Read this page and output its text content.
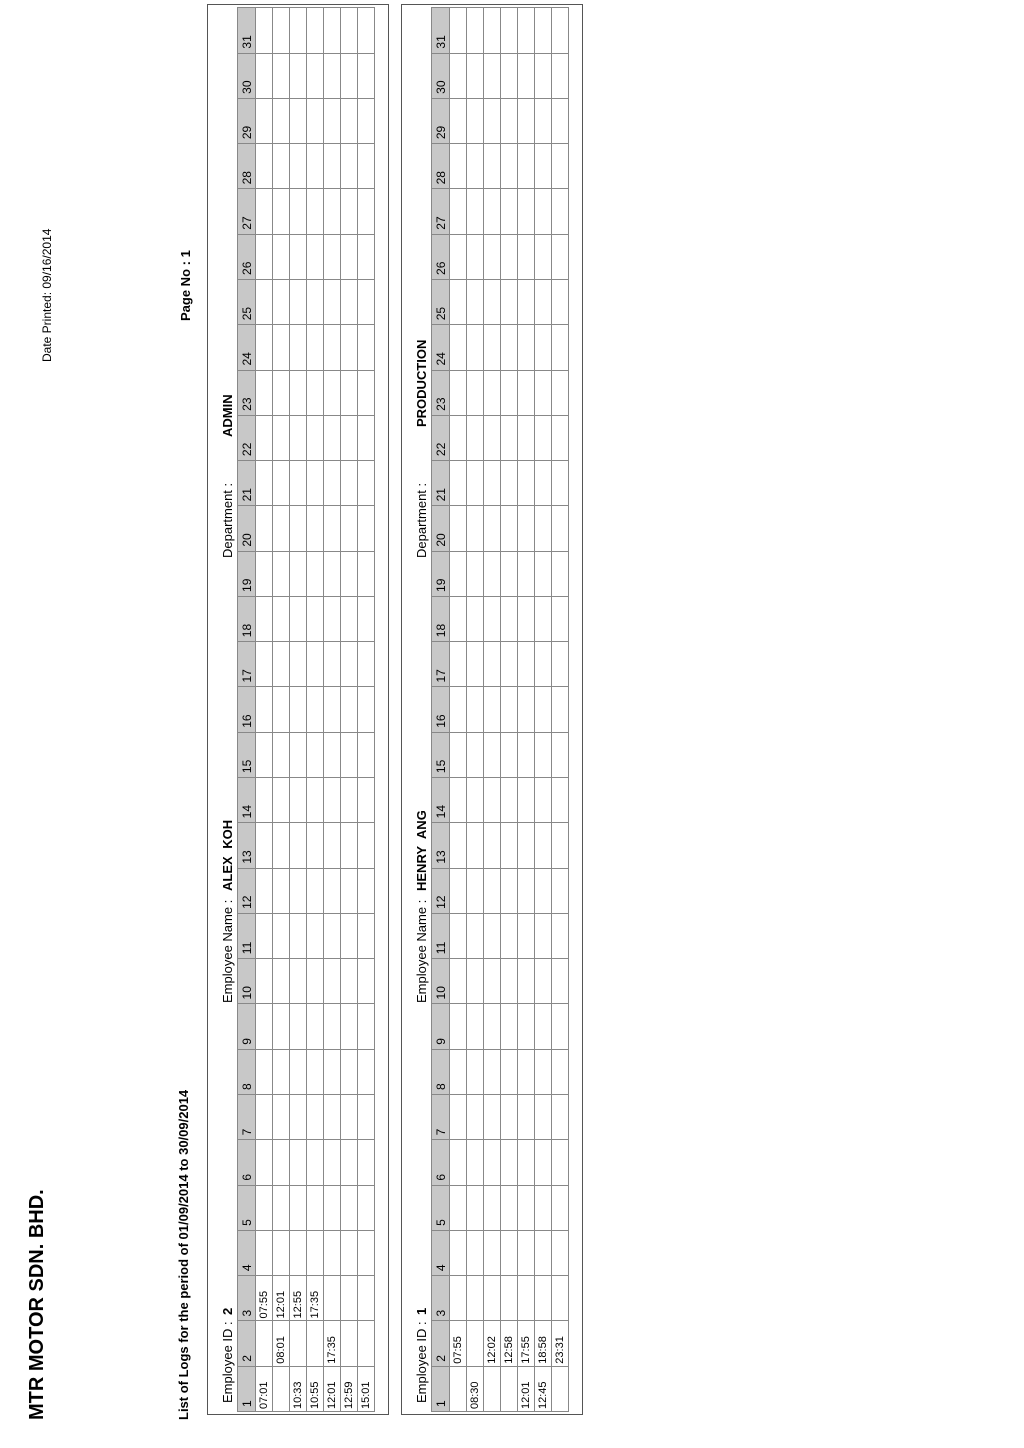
MTR MOTOR SDN. BHD.
Date Printed: 09/16/2014
List of Logs for the period of 01/09/2014 to 30/09/2014
Page No : 1
Employee ID :
2
Employee Name :
ALEX KOH
Department :
ADMIN
1	2	3	4	5	6	7	8	9	10	11	12	13	14	15	16	17	18	19	20	21	22	23	24	25	26	27	28	29	30	31
07:01		07:55																												
	08:01	12:01																												
10:33		12:55																												
10:55		17:35																												
12:01	17:35																													
12:59																														
15:01																															Employee ID :
1
Employee Name :
HENRY ANG
Department :
PRODUCTION
1	2	3	4	5	6	7	8	9	10	11	12	13	14	15	16	17	18	19	20	21	22	23	24	25	26	27	28	29	30	31
	07:55																													
08:30																														
	12:02																													
	12:58																													
12:01	17:55																													
12:45	18:58																													
	23:31																													
